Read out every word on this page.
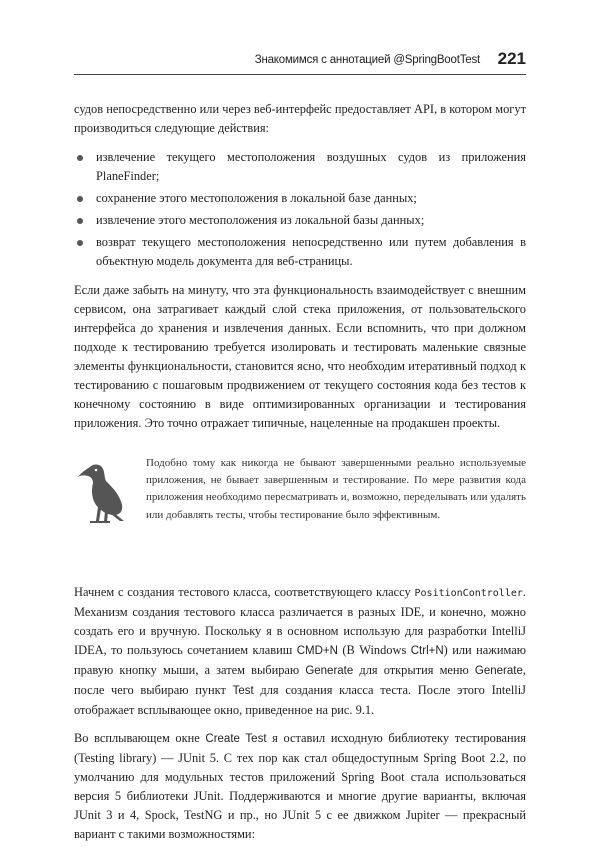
Знакомимся с аннотацией @SpringBootTest 221

судов непосредственно или через веб-интерфейс предоставляет API, в котором могут производиться следующие действия:

извлечение текущего местоположения воздушных судов из приложения PlaneFinder;
сохранение этого местоположения в локальной базе данных;
извлечение этого местоположения из локальной базы данных;
возврат текущего местоположения непосредственно или путем добавления в объектную модель документа для веб-страницы.

Если даже забыть на минуту, что эта функциональность взаимодействует с внешним сервисом, она затрагивает каждый слой стека приложения, от пользовательского интерфейса до хранения и извлечения данных. Если вспомнить, что при должном подходе к тестированию требуется изолировать и тестировать маленькие связные элементы функциональности, становится ясно, что необходим итеративный подход к тестированию с пошаговым продвижением от текущего состояния кода без тестов к конечному состоянию в виде оптимизированных организации и тестирования приложения. Это точно отражает типичные, нацеленные на продакшен проекты.

Подобно тому как никогда не бывают завершенными реально используемые приложения, не бывает завершенным и тестирование. По мере развития кода приложения необходимо пересматривать и, возможно, переделывать или удалять или добавлять тесты, чтобы тестирование было эффективным.

Начнем с создания тестового класса, соответствующего классу PositionController. Механизм создания тестового класса различается в разных IDE, и конечно, можно создать его и вручную. Поскольку я в основном использую для разработки IntelliJ IDEA, то пользуюсь сочетанием клавиш CMD+N (В Windows Ctrl+N) или нажимаю правую кнопку мыши, а затем выбираю Generate для открытия меню Generate, после чего выбираю пункт Test для создания класса теста. После этого IntelliJ отображает всплывающее окно, приведенное на рис. 9.1.

Во всплывающем окне Create Test я оставил исходную библиотеку тестирования (Testing library) — JUnit 5. С тех пор как стал общедоступным Spring Boot 2.2, по умолчанию для модульных тестов приложений Spring Boot стала использоваться версия 5 библиотеки JUnit. Поддерживаются и многие другие варианты, включая JUnit 3 и 4, Spock, TestNG и пр., но JUnit 5 с ее движком Jupiter — прекрасный вариант с такими возможностями:
